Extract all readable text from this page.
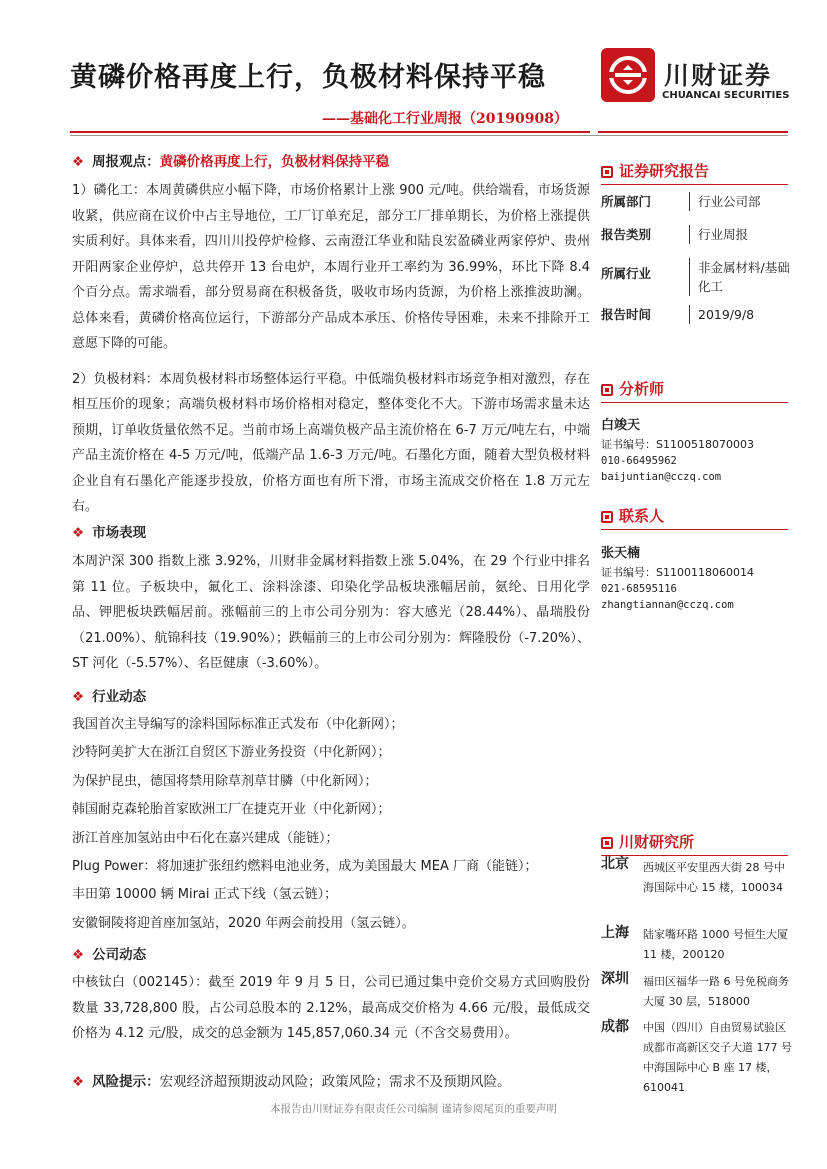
黄磷价格再度上行，负极材料保持平稳
——基础化工行业周报（20190908）
川财证券
CHUANCAI SECURITIES
❖ 周报观点：黄磷价格再度上行，负极材料保持平稳

1）磷化工：本周黄磷供应小幅下降，市场价格累计上涨 900 元/吨。供给端看，市场货源收紧，供应商在议价中占主导地位，工厂订单充足，部分工厂排单期长，为价格上涨提供实质利好。具体来看，四川川投停炉检修、云南澄江华业和陆良宏盈磷业两家停炉、贵州开阳两家企业停炉，总共停开 13 台电炉，本周行业开工率约为 36.99%，环比下降 8.4 个百分点。需求端看，部分贸易商在积极备货，吸收市场内货源，为价格上涨推波助澜。总体来看，黄磷价格高位运行，下游部分产品成本承压、价格传导困难，未来不排除开工意愿下降的可能。

2）负极材料：本周负极材料市场整体运行平稳。中低端负极材料市场竞争相对激烈，存在相互压价的现象；高端负极材料市场价格相对稳定，整体变化不大。下游市场需求量未达预期，订单收货量依然不足。当前市场上高端负极产品主流价格在 6-7 万元/吨左右，中端产品主流价格在 4-5 万元/吨，低端产品 1.6-3 万元/吨。石墨化方面，随着大型负极材料企业自有石墨化产能逐步投放，价格方面也有所下滑，市场主流成交价格在 1.8 万元左右。

❖ 市场表现
本周沪深 300 指数上涨 3.92%，川财非金属材料指数上涨 5.04%，在 29 个行业中排名第 11 位。子板块中，氟化工、涂料涂漆、印染化学品板块涨幅居前，氨纶、日用化学品、钾肥板块跌幅居前。涨幅前三的上市公司分别为：容大感光（28.44%）、晶瑞股份（21.00%）、航锦科技（19.90%）；跌幅前三的上市公司分别为：辉隆股份（-7.20%）、ST 河化（-5.57%）、名臣健康（-3.60%）。
❖ 行业动态
我国首次主导编写的涂料国际标准正式发布（中化新网）；
沙特阿美扩大在浙江自贸区下游业务投资（中化新网）；
为保护昆虫，德国将禁用除草剂草甘膦（中化新网）；
韩国耐克森轮胎首家欧洲工厂在捷克开业（中化新网）；
浙江首座加氢站由中石化在嘉兴建成（能链）；
Plug Power：将加速扩张纽约燃料电池业务，成为美国最大 MEA 厂商（能链）；
丰田第 10000 辆 Mirai 正式下线（氢云链）；
安徽铜陵将迎首座加氢站，2020 年两会前投用（氢云链）。
❖ 公司动态
中核钛白（002145）：截至 2019 年 9 月 5 日，公司已通过集中竞价交易方式回购股份数量 33,728,800 股，占公司总股本的 2.12%，最高成交价格为 4.66 元/股，最低成交价格为 4.12 元/股，成交的总金额为 145,857,060.34 元（不含交易费用）。
❖ 风险提示：宏观经济超预期波动风险；政策风险；需求不及预期风险。
证券研究报告
所属部门	行业公司部
报告类别	行业周报
所属行业	非金属材料/基础化工
报告时间	2019/9/8
分析师
白竣天
证书编号：S1100518070003
010-66495962
baijuntian@cczq.com
联系人
张天楠
证书编号：S1100118060014
021-68595116
zhangtiannan@cczq.com
川财研究所
北京 西城区平安里西大街 28 号中海国际中心 15 楼，100034
上海 陆家嘴环路 1000 号恒生大厦 11 楼，200120
深圳 福田区福华一路 6 号免税商务大厦 30 层，518000
成都 中国（四川）自由贸易试验区成都市高新区交子大道 177 号中海国际中心 B 座 17 楼，610041
本报告由川财证券有限责任公司编制 谨请参阅尾页的重要声明
